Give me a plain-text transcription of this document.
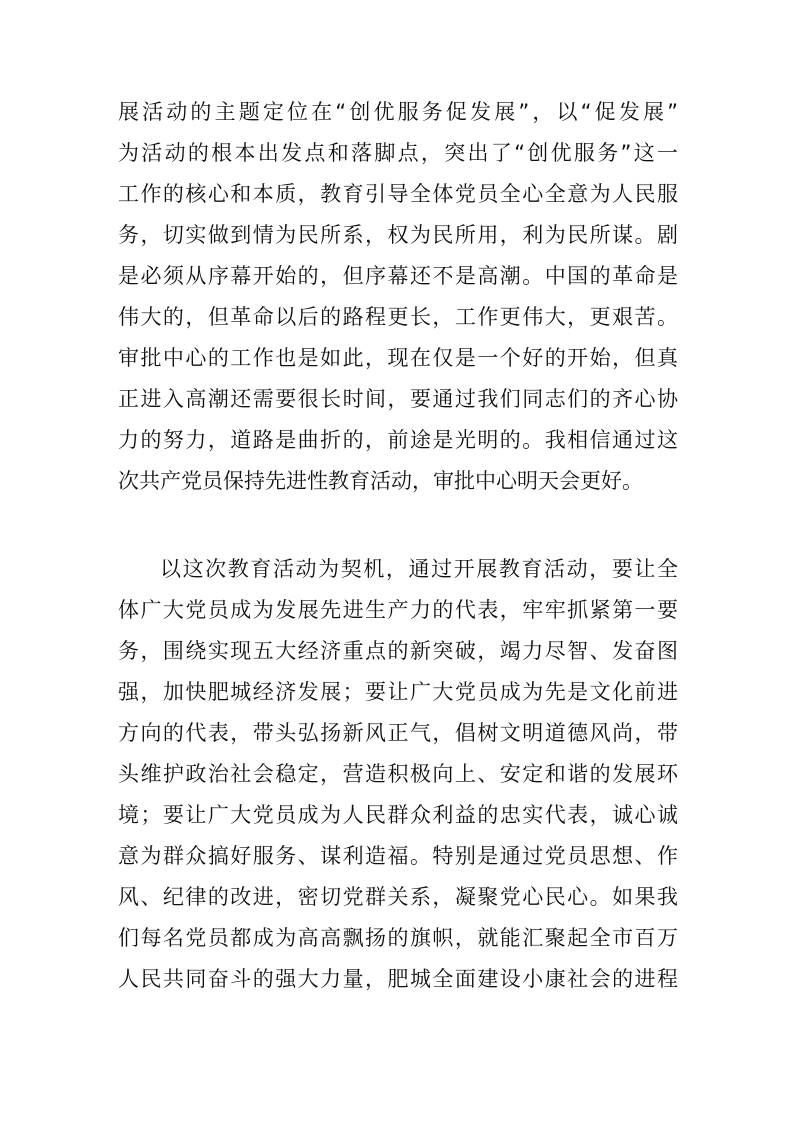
展活动的主题定位在“创优服务促发展”，以“促发展”
为活动的根本出发点和落脚点，突出了“创优服务”这一
工作的核心和本质，教育引导全体党员全心全意为人民服
务，切实做到情为民所系，权为民所用，利为民所谋。剧
是必须从序幕开始的，但序幕还不是高潮。中国的革命是
伟大的，但革命以后的路程更长，工作更伟大，更艰苦。
审批中心的工作也是如此，现在仅是一个好的开始，但真
正进入高潮还需要很长时间，要通过我们同志们的齐心协
力的努力，道路是曲折的，前途是光明的。我相信通过这
次共产党员保持先进性教育活动，审批中心明天会更好。
以这次教育活动为契机，通过开展教育活动，要让全
体广大党员成为发展先进生产力的代表，牢牢抓紧第一要
务，围绕实现五大经济重点的新突破，竭力尽智、发奋图
强，加快肥城经济发展；要让广大党员成为先是文化前进
方向的代表，带头弘扬新风正气，倡树文明道德风尚，带
头维护政治社会稳定，营造积极向上、安定和谐的发展环
境；要让广大党员成为人民群众利益的忠实代表，诚心诚
意为群众搞好服务、谋利造福。特别是通过党员思想、作
风、纪律的改进，密切党群关系，凝聚党心民心。如果我
们每名党员都成为高高飘扬的旗帜，就能汇聚起全市百万
人民共同奋斗的强大力量，肥城全面建设小康社会的进程
